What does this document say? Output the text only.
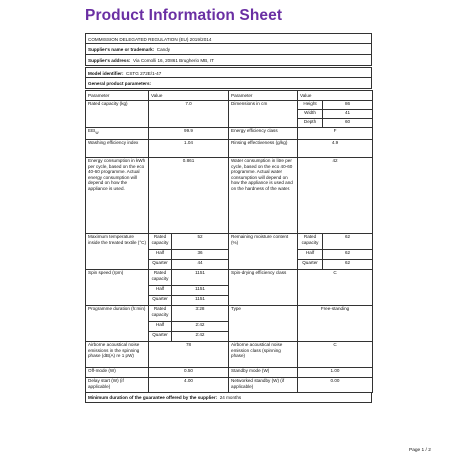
Product Information Sheet
COMMISSION DELEGATED REGULATION (EU) 2019/2014
Supplier's name or trademark: Candy
Supplier's address: Via Comolli 16, 20861 Brugherio MB, IT
Model identifier: CSTG 272E/1-47
General product parameters:
Parameter	Value		Parameter	Value	
Rated capacity (kg)	7.0		Dimensions in cm	Height	86
				Width	41
				Depth	60
$EEI_W$	99.9		Energy efficiency class	F	
Washing efficiency index	1.04		Rinsing effectiveness (g/kg)	4.9	
Energy consumption in kWh per cycle, based on the eco 40-60 programme. Actual energy consumption will depend on how the appliance is used.	0.861		Water consumption in litre per cycle, based on the eco 40-60 programme. Actual water consumption will depend on how the appliance is used and on the hardness of the water.	42	
Maximum temperature inside the treated textile (°C)	Rated capacity	52	Remaining moisture content (%)	Rated capacity	62
	Half	36		Half	62
	Quarter	44		Quarter	62
Spin speed (rpm)	Rated capacity	1151	Spin-drying efficiency class	C	
	Half	1151			
	Quarter	1151			
Programme duration (h:min)	Rated capacity	3:28	Type	Free-standing	
	Half	2:42			
	Quarter	2:42			
Airborne acoustical noise emissions in the spinning phase (dB(A) re 1 pW)	78		Airborne acoustical noise emission class (spinning phase)	C	
Off-mode (W)	0.50		Standby mode (W)	1.00	
Delay start (W) (if applicable)	4.00		Networked standby (W) (if applicable)	0.00	
Minimum duration of the guarantee offered by the supplier: 24 months
Page 1 / 2
